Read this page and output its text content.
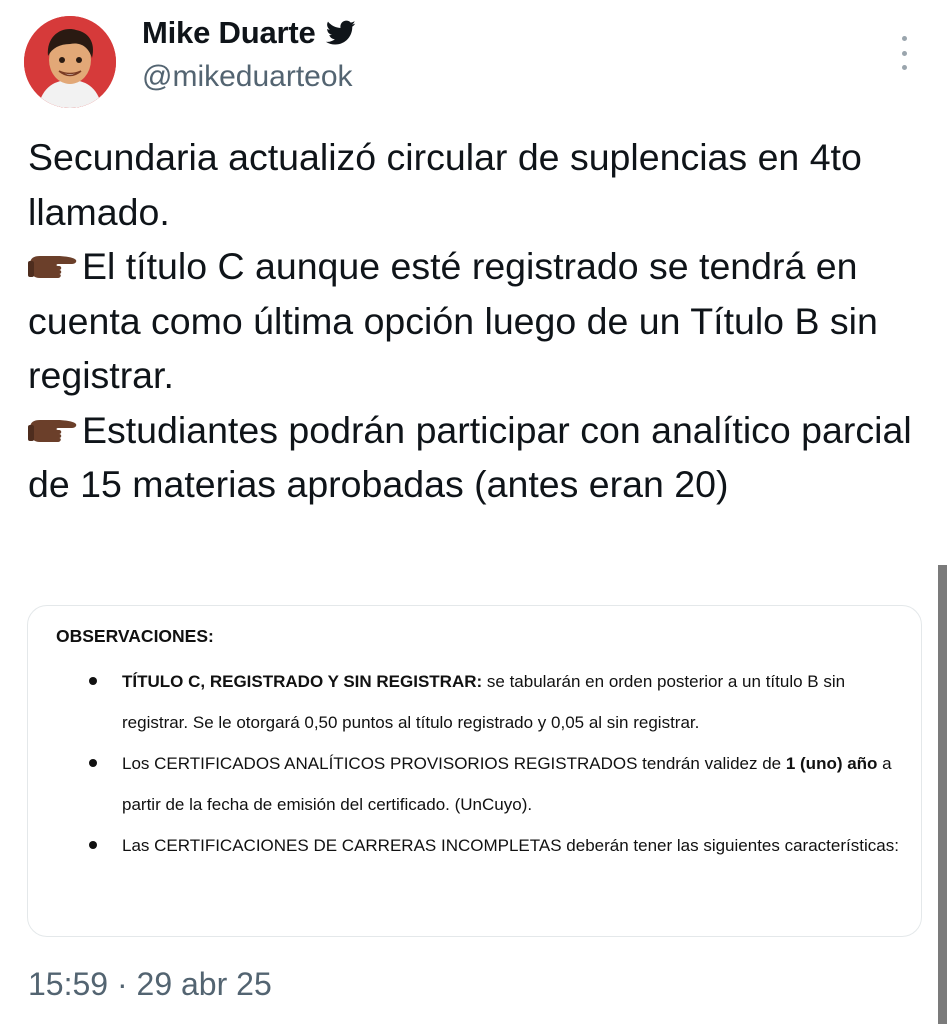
Mike Duarte
@mikeduarteok

Secundaria actualizó circular de suplencias en 4to llamado.

El título C aunque esté registrado se tendrá en cuenta como última opción luego de un Título B sin registrar.

Estudiantes podrán participar con analítico parcial de 15 materias aprobadas (antes eran 20)

OBSERVACIONES:

TÍTULO C, REGISTRADO Y SIN REGISTRAR: se tabularán en orden posterior a un título B sin registrar. Se le otorgará 0,50 puntos al título registrado y 0,05 al sin registrar.
Los CERTIFICADOS ANALÍTICOS PROVISORIOS REGISTRADOS tendrán validez de 1 (uno) año a partir de la fecha de emisión del certificado. (UnCuyo).
Las CERTIFICACIONES DE CARRERAS INCOMPLETAS deberán tener las siguientes características:
15:59 · 29 abr 25
